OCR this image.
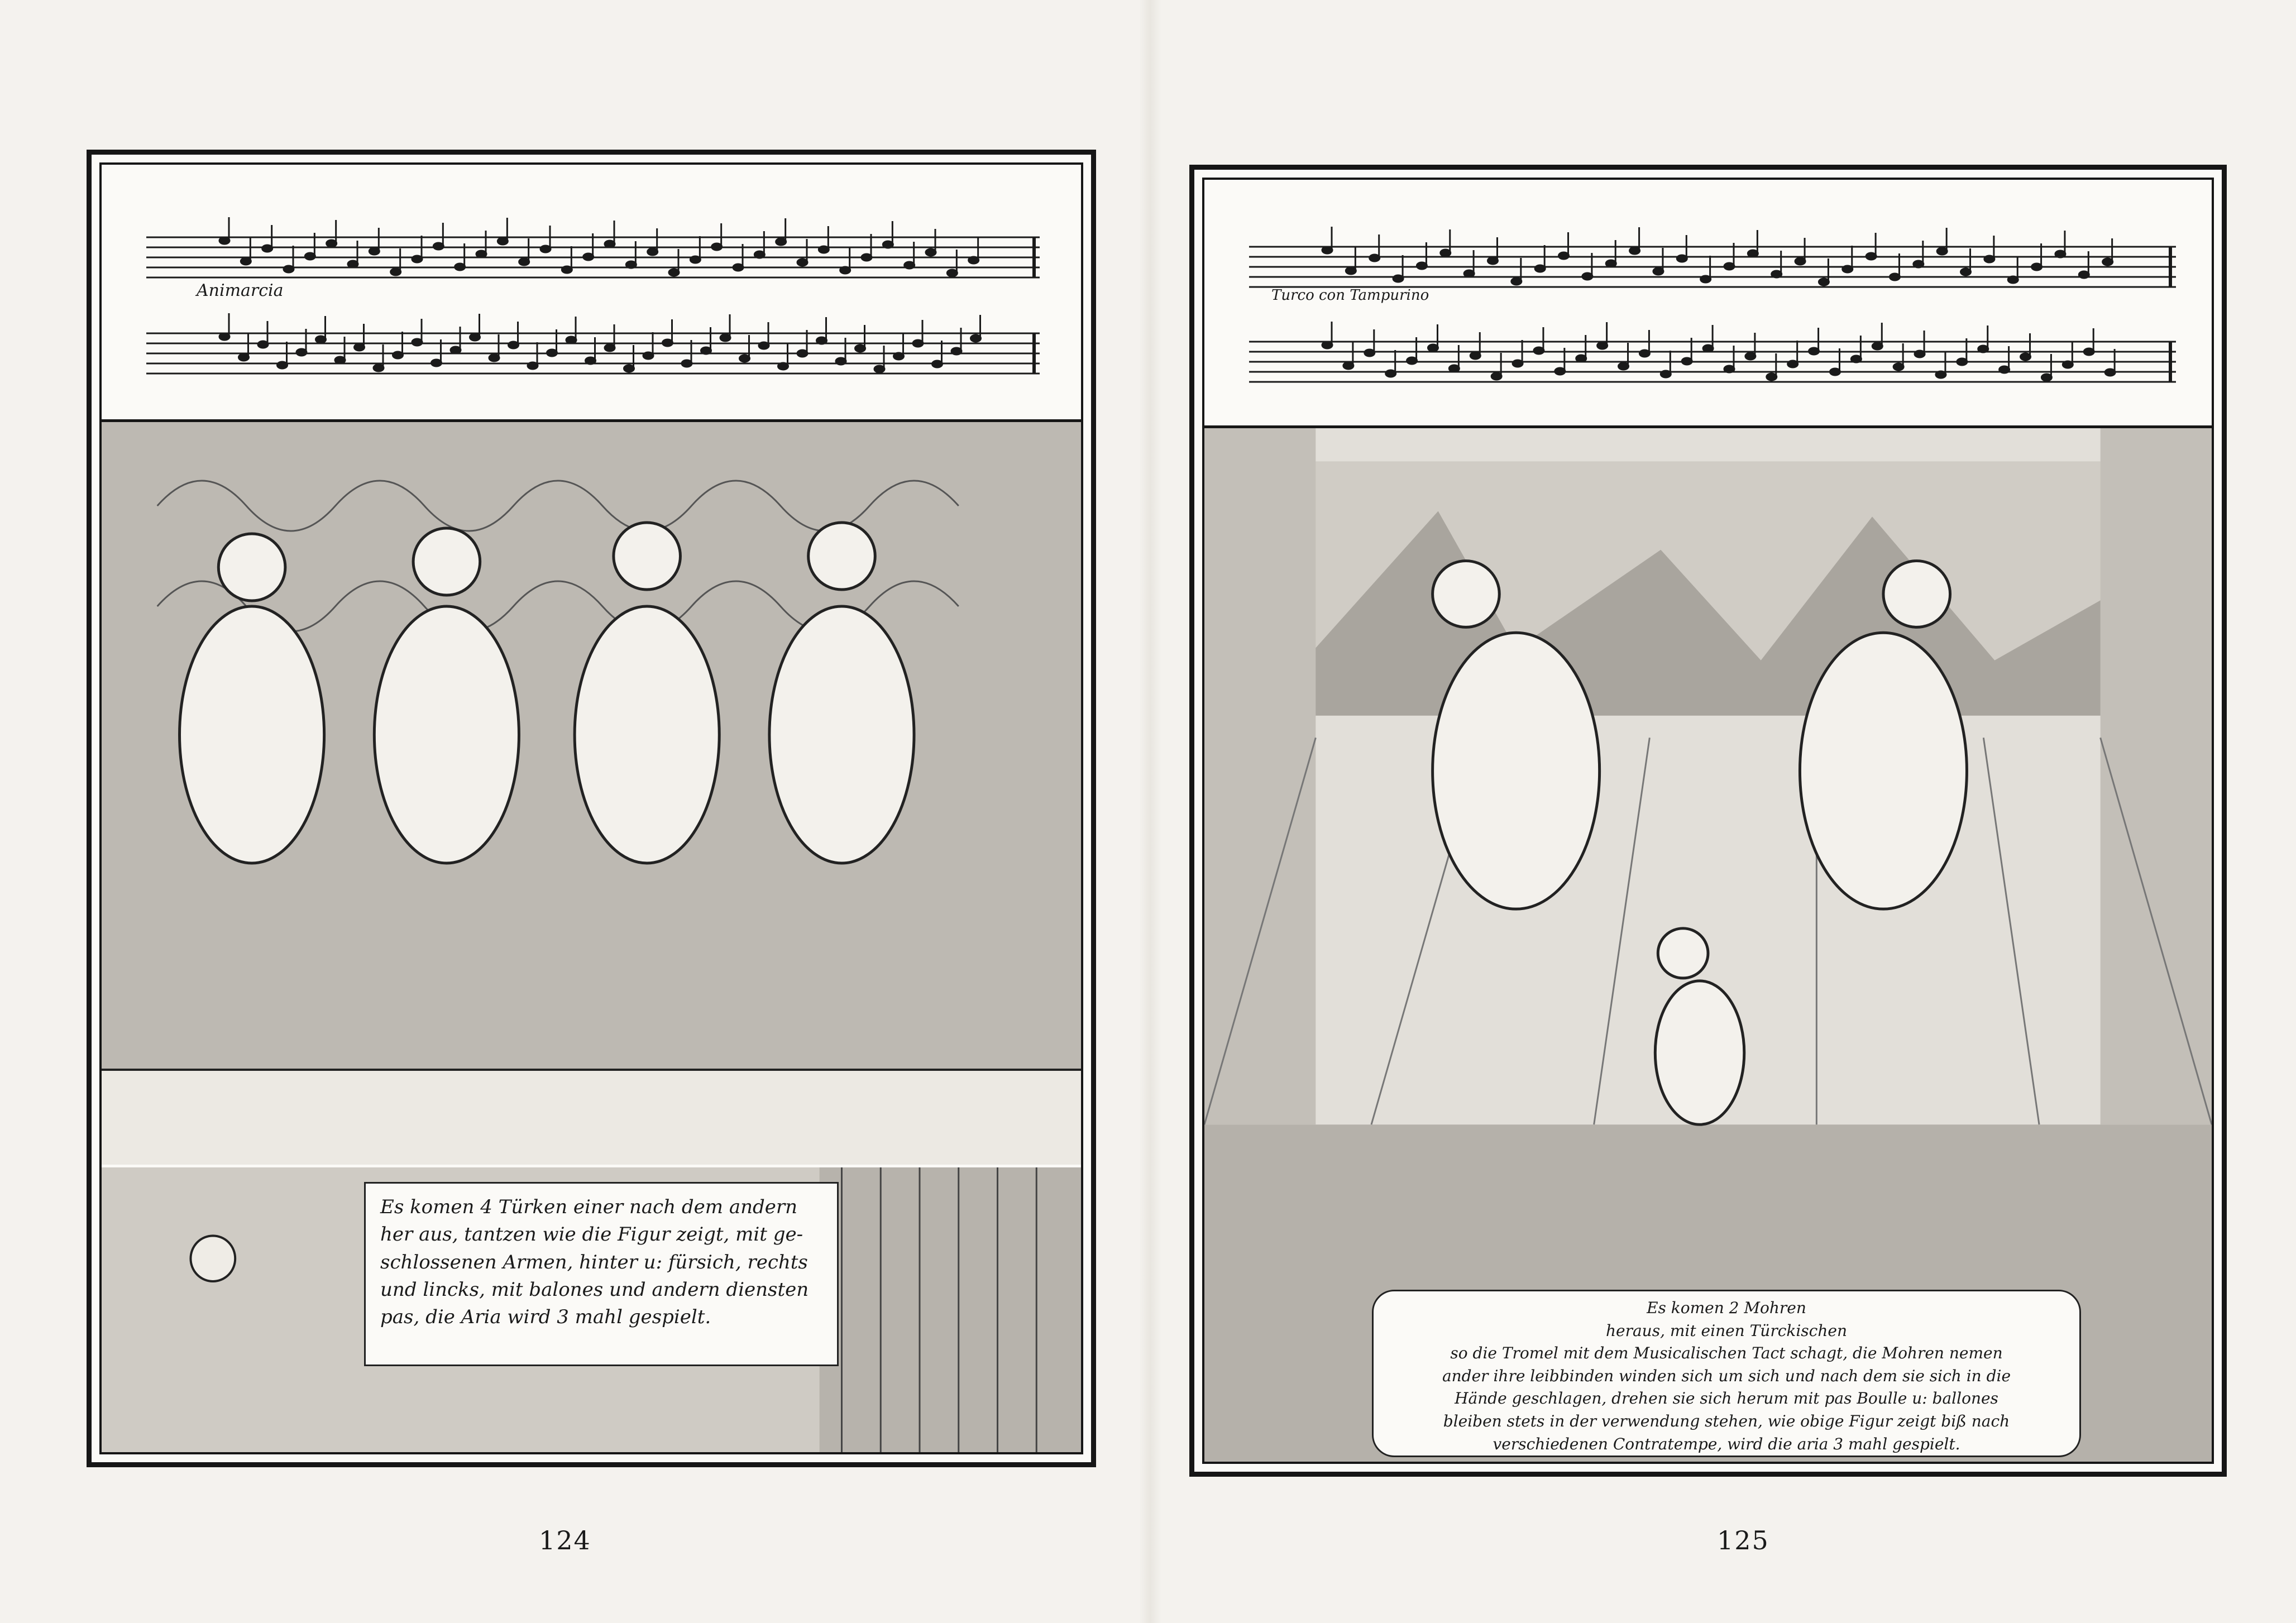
Animarcia
Es komen 4 Türken einer nach dem andern
her aus, tantzen wie die Figur zeigt, mit ge-
schlossenen Armen, hinter u: fürsich, rechts
und lincks, mit balones und andern diensten
pas, die Aria wird 3 mahl gespielt.
124
Turco con Tampurino
Es komen 2 Mohren
heraus, mit einen Türckischen
so die Tromel mit dem Musicalischen Tact schagt, die Mohren nemen
ander ihre leibbinden winden sich um sich und nach dem sie sich in die
Hände geschlagen, drehen sie sich herum mit pas Boulle u: ballones
bleiben stets in der verwendung stehen, wie obige Figur zeigt biß nach
verschiedenen Contratempe, wird die aria 3 mahl gespielt.
125
